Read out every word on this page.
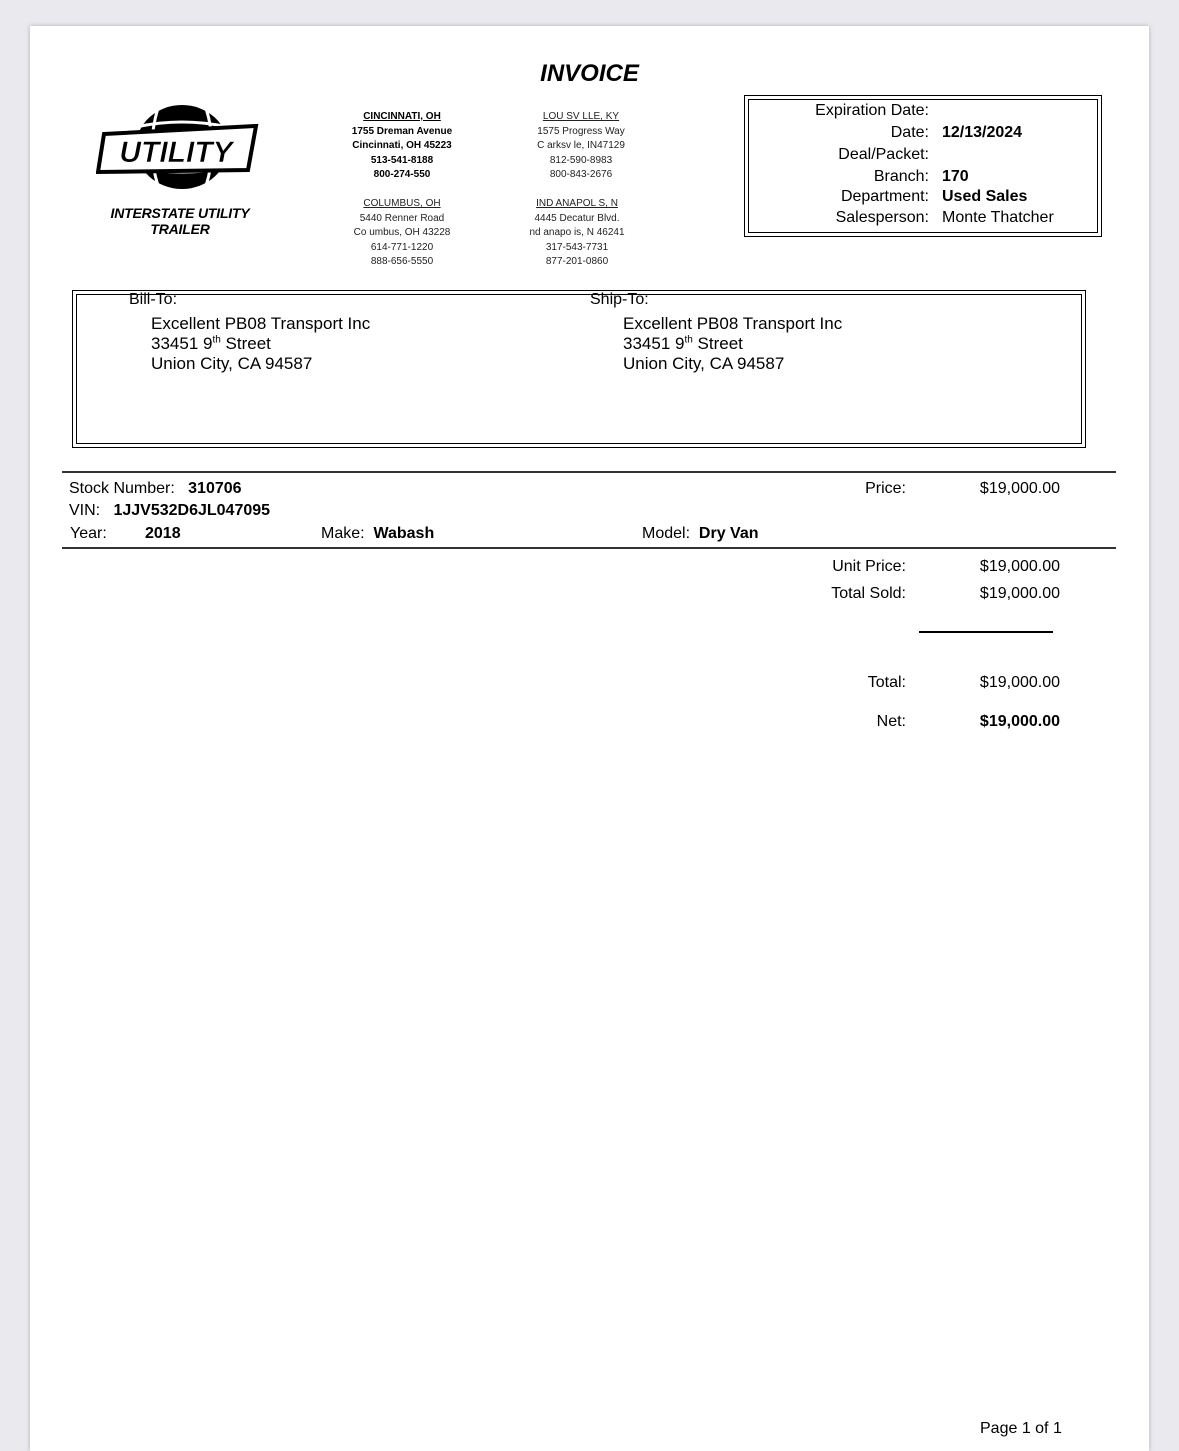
INVOICE
UTILITY
INTERSTATE UTILITY TRAILER
CINCINNATI, OH
1755 Dreman Avenue
Cincinnati, OH 45223
513-541-8188
800-274-550
LOU SV LLE, KY
1575 Progress Way
C arksv le, IN47129
812-590-8983
800-843-2676
COLUMBUS, OH
5440 Renner Road
Co umbus, OH 43228
614-771-1220
888-656-5550
IND ANAPOL S, N
4445 Decatur Blvd.
nd anapo is, N 46241
317-543-7731
877-201-0860
Expiration Date:
Date: 12/13/2024
Deal/Packet:
Branch: 170
Department: Used Sales
Salesperson: Monte Thatcher
Bill-To:
Excellent PB08 Transport Inc
33451 9th Street
Union City, CA 94587
Ship-To:
Excellent PB08 Transport Inc
33451 9th Street
Union City, CA 94587
Stock Number: 310706
VIN: 1JJV532D6JL047095
Year: 2018	Make: Wabash	Model: Dry Van
Price:	$19,000.00
Unit Price:	$19,000.00
Total Sold:	$19,000.00
Total:	$19,000.00
Net:	$19,000.00
Page 1 of 1
